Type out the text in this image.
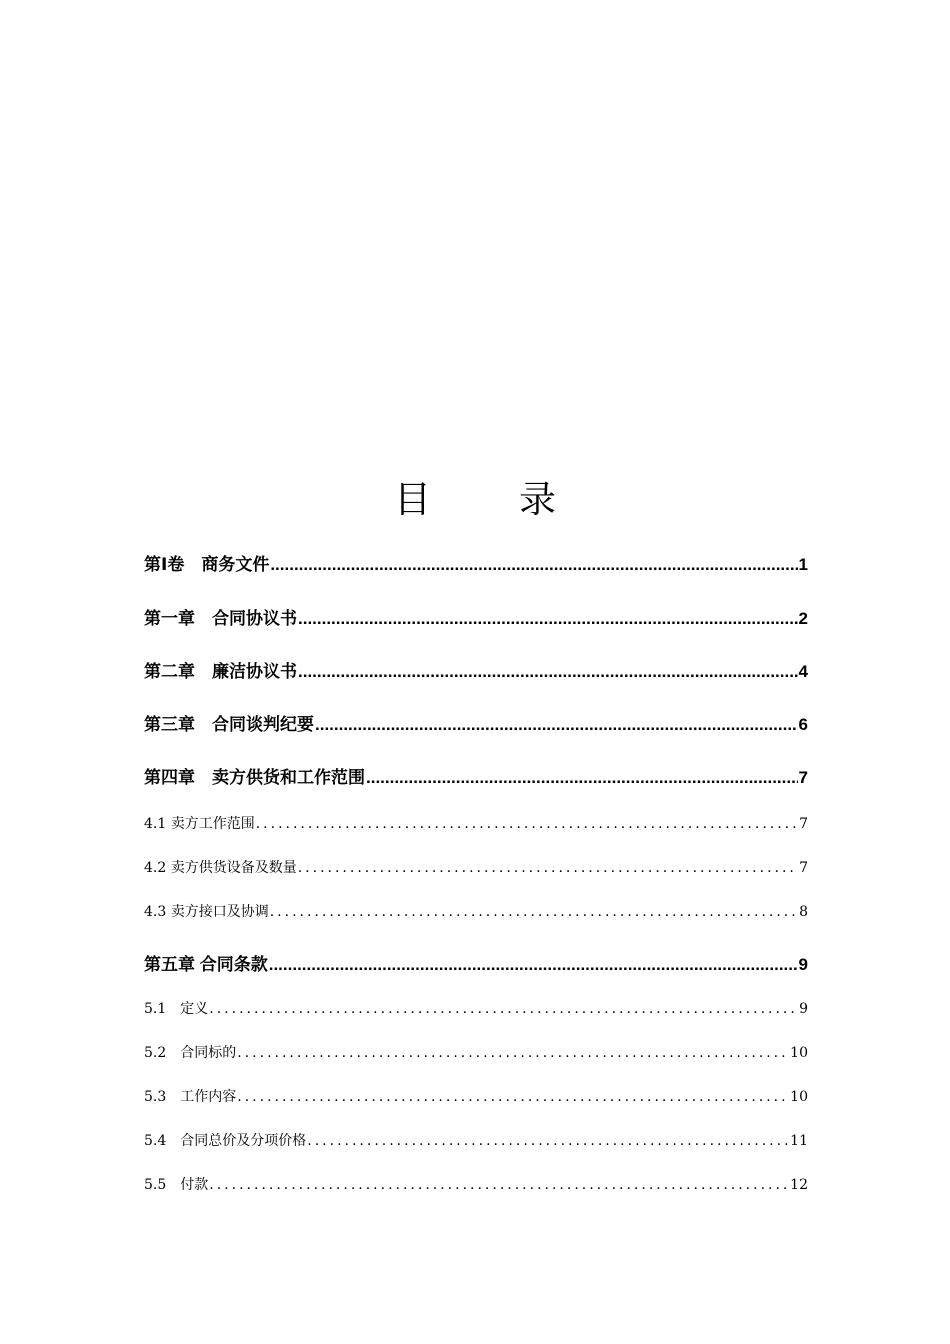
目 录
第Ⅰ卷　商务文件 .....	1
第一章　合同协议书 .....	2
第二章　廉洁协议书 .....	4
第三章　合同谈判纪要 .....	6
第四章　卖方供货和工作范围 .....	7
4.1 卖方工作范围 .....	7
4.2 卖方供货设备及数量 .....	7
4.3 卖方接口及协调 .....	8
第五章 合同条款 .....	9
5.1　定义 .....	9
5.2　合同标的 .....	10
5.3　工作内容 .....	10
5.4　合同总价及分项价格 .....	11
5.5　付款 .....	12
